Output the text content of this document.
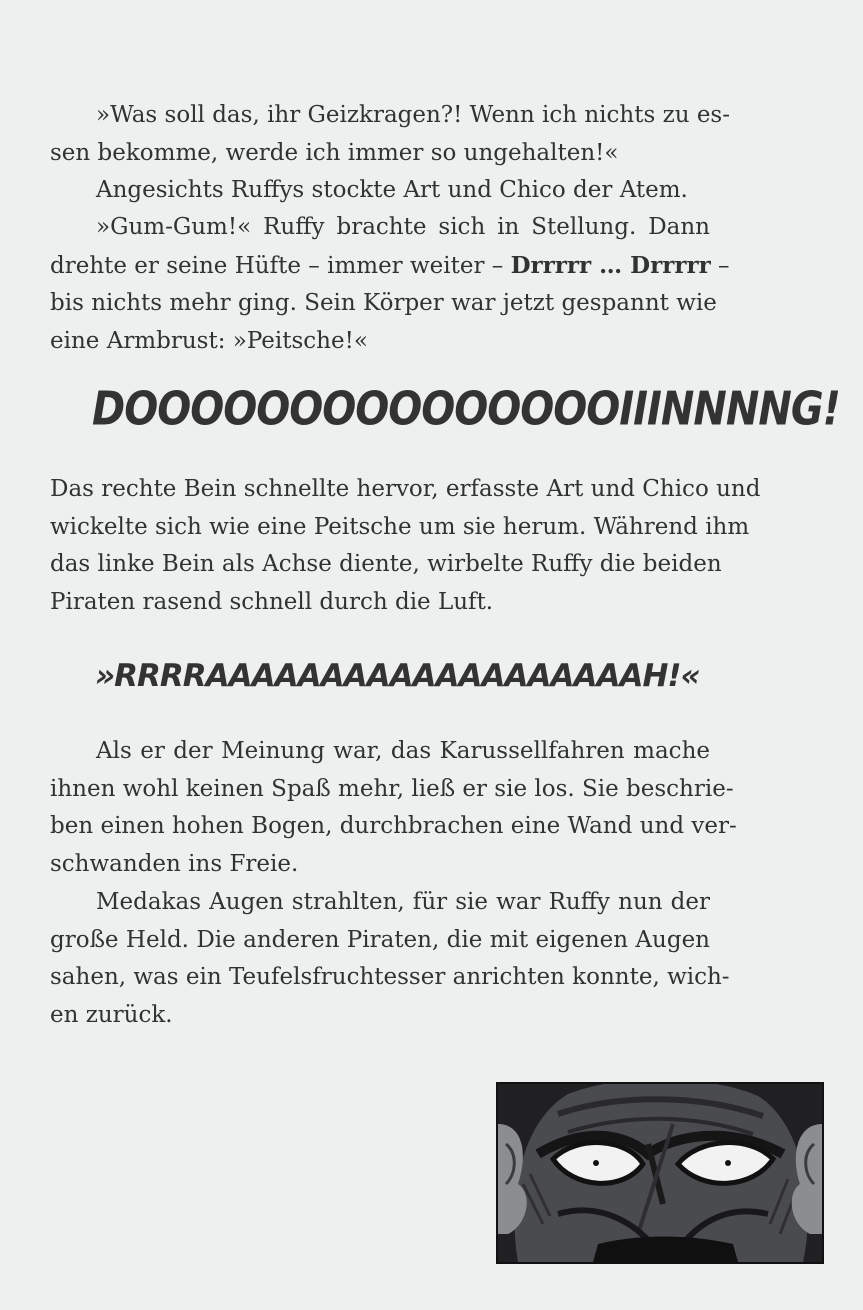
»Was soll das, ihr Geizkragen?! Wenn ich nichts zu es-
sen bekomme, werde ich immer so ungehalten!«

Angesichts Ruffys stockte Art und Chico der Atem.

»Gum-Gum!« Ruffy brachte sich in Stellung. Dann
drehte er seine Hüfte – immer weiter – Drrrrr … Drrrrr –
bis nichts mehr ging. Sein Körper war jetzt gespannt wie
eine Armbrust: »Peitsche!«

DOOOOOOOOOOOOOOOIIINNNNG!

Das rechte Bein schnellte hervor, erfasste Art und Chico und
wickelte sich wie eine Peitsche um sie herum. Während ihm
das linke Bein als Achse diente, wirbelte Ruffy die beiden
Piraten rasend schnell durch die Luft.

»RRRRAAAAAAAAAAAAAAAAAAAH!«

Als er der Meinung war, das Karussellfahren mache
ihnen wohl keinen Spaß mehr, ließ er sie los. Sie beschrie-
ben einen hohen Bogen, durchbrachen eine Wand und ver-
schwanden ins Freie.

Medakas Augen strahlten, für sie war Ruffy nun der
große Held. Die anderen Piraten, die mit eigenen Augen
sahen, was ein Teufelsfruchtesser anrichten konnte, wich-
en zurück.
